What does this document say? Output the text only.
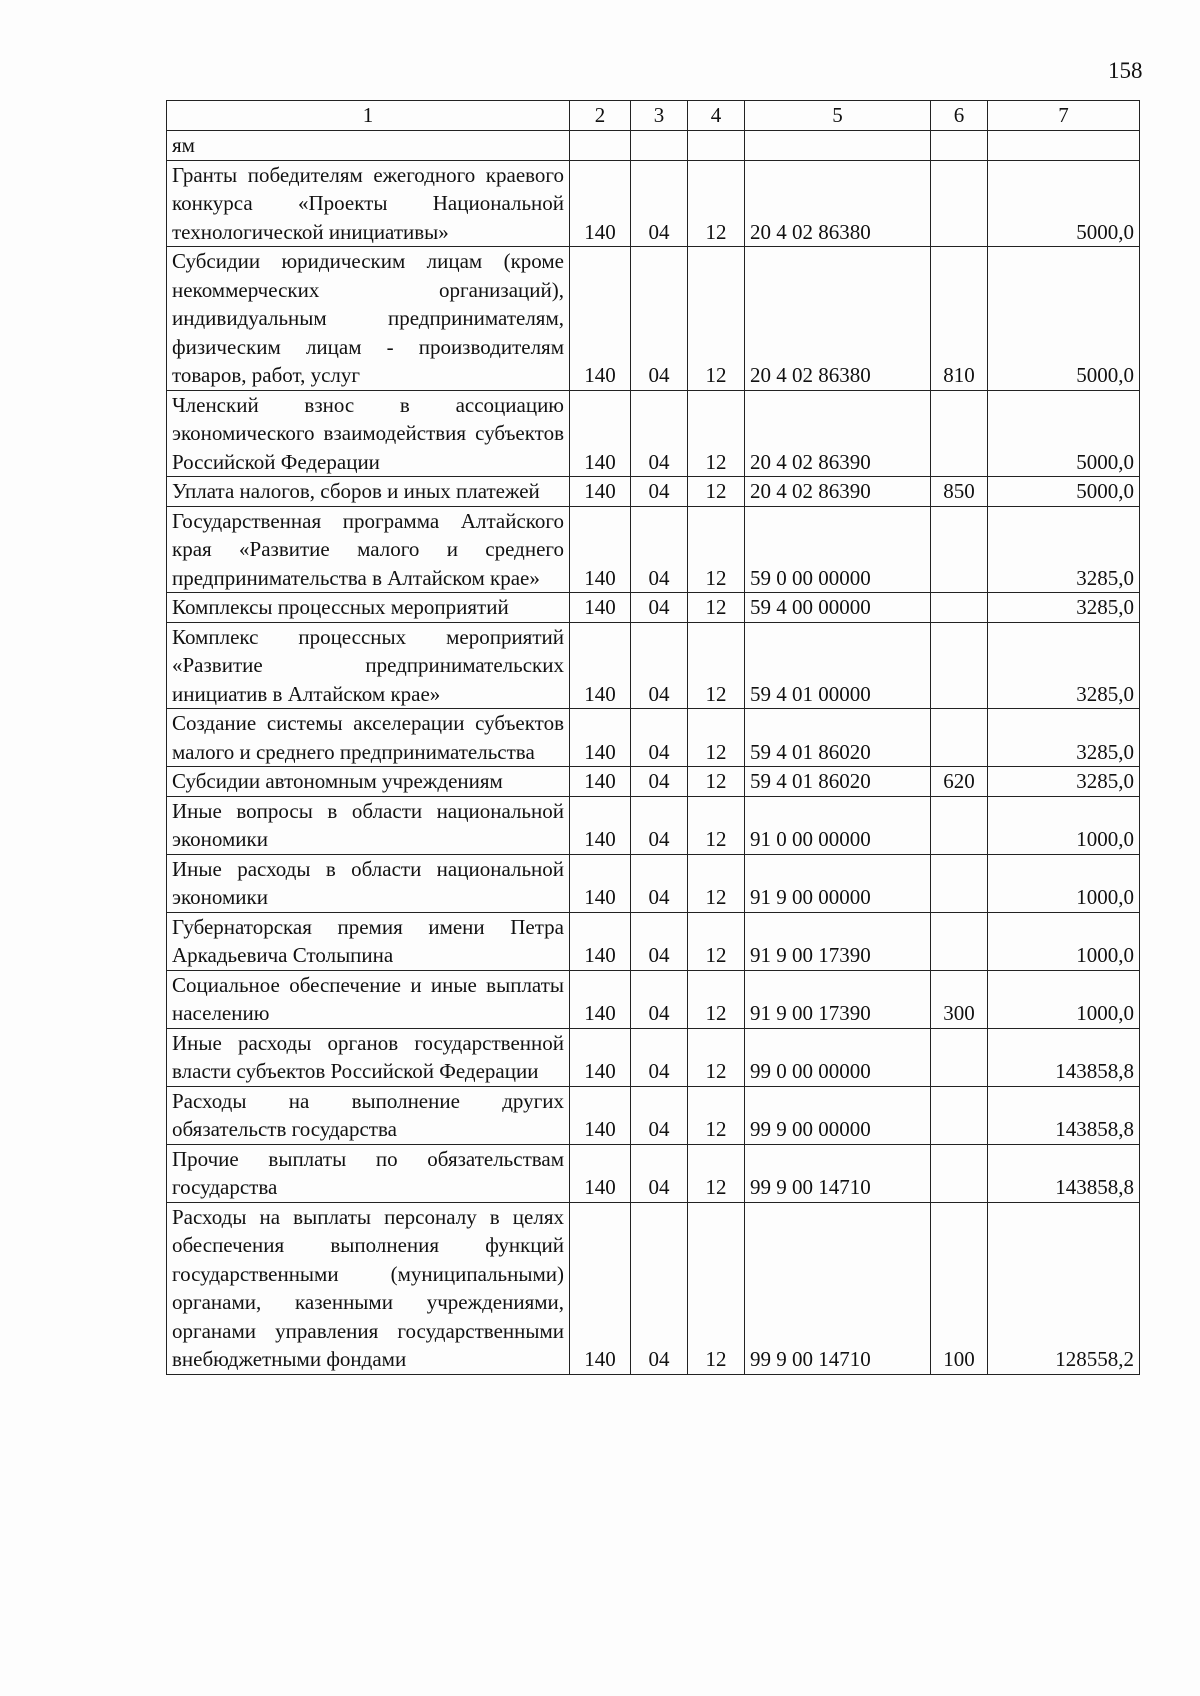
158
1	2	3	4	5	6	7
ям						
Гранты победителям ежегодного краевого конкурса «Проекты Национальной технологической инициативы»	140	04	12	20 4 02 86380		5000,0
Субсидии юридическим лицам (кроме некоммерческих организаций), индивидуальным предпринимателям, физическим лицам - производителям товаров, работ, услуг	140	04	12	20 4 02 86380	810	5000,0
Членский взнос в ассоциацию экономического взаимодействия субъектов Российской Федерации	140	04	12	20 4 02 86390		5000,0
Уплата налогов, сборов и иных платежей	140	04	12	20 4 02 86390	850	5000,0
Государственная программа Алтайского края «Развитие малого и среднего предпринимательства в Алтайском крае»	140	04	12	59 0 00 00000		3285,0
Комплексы процессных мероприятий	140	04	12	59 4 00 00000		3285,0
Комплекс процессных мероприятий «Развитие предпринимательских инициатив в Алтайском крае»	140	04	12	59 4 01 00000		3285,0
Создание системы акселерации субъектов малого и среднего предпринимательства	140	04	12	59 4 01 86020		3285,0
Субсидии автономным учреждениям	140	04	12	59 4 01 86020	620	3285,0
Иные вопросы в области национальной экономики	140	04	12	91 0 00 00000		1000,0
Иные расходы в области национальной экономики	140	04	12	91 9 00 00000		1000,0
Губернаторская премия имени Петра Аркадьевича Столыпина	140	04	12	91 9 00 17390		1000,0
Социальное обеспечение и иные выплаты населению	140	04	12	91 9 00 17390	300	1000,0
Иные расходы органов государственной власти субъектов Российской Федерации	140	04	12	99 0 00 00000		143858,8
Расходы на выполнение других обязательств государства	140	04	12	99 9 00 00000		143858,8
Прочие выплаты по обязательствам государства	140	04	12	99 9 00 14710		143858,8
Расходы на выплаты персоналу в целях обеспечения выполнения функций государственными (муниципальными) органами, казенными учреждениями, органами управления государственными внебюджетными фондами	140	04	12	99 9 00 14710	100	128558,2
